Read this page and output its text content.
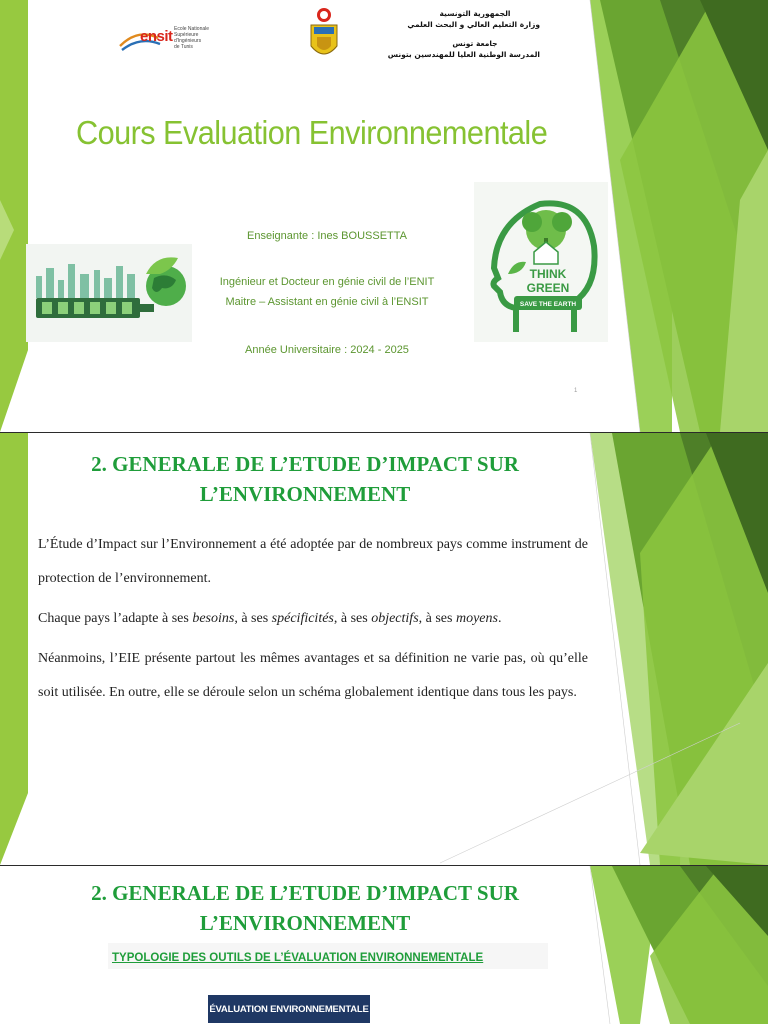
ensit Ecole Nationale
Supérieure
d'Ingénieurs
de Tunis
الجمهورية التونسية
وزارة التعليم العالي و البحث العلمي
جامعة تونس
المدرسة الوطنية العليا للمهندسين بتونس
Cours Evaluation Environnementale
Enseignante : Ines BOUSSETTA
Ingénieur et Docteur en génie civil de l’ENIT
Maitre – Assistant en génie civil à l’ENSIT
Année Universitaire : 2024 - 2025
THINK
GREEN
SAVE THE EARTH
1
2. GENERALE DE L’ETUDE D’IMPACT SUR
L’ENVIRONNEMENT

L’Étude d’Impact sur l’Environnement a été adoptée par de nombreux pays comme instrument de protection de l’environnement.

Chaque pays l’adapte à ses besoins, à ses spécificités, à ses objectifs, à ses moyens.

Néanmoins, l’EIE présente partout les mêmes avantages et sa définition ne varie pas, où qu’elle soit utilisée. En outre, elle se déroule selon un schéma globalement identique dans tous les pays.

2. GENERALE DE L’ETUDE D’IMPACT SUR
L’ENVIRONNEMENT
TYPOLOGIE DES OUTILS DE L’ÉVALUATION ENVIRONNEMENTALE
ÉVALUATION ENVIRONNEMENTALE
